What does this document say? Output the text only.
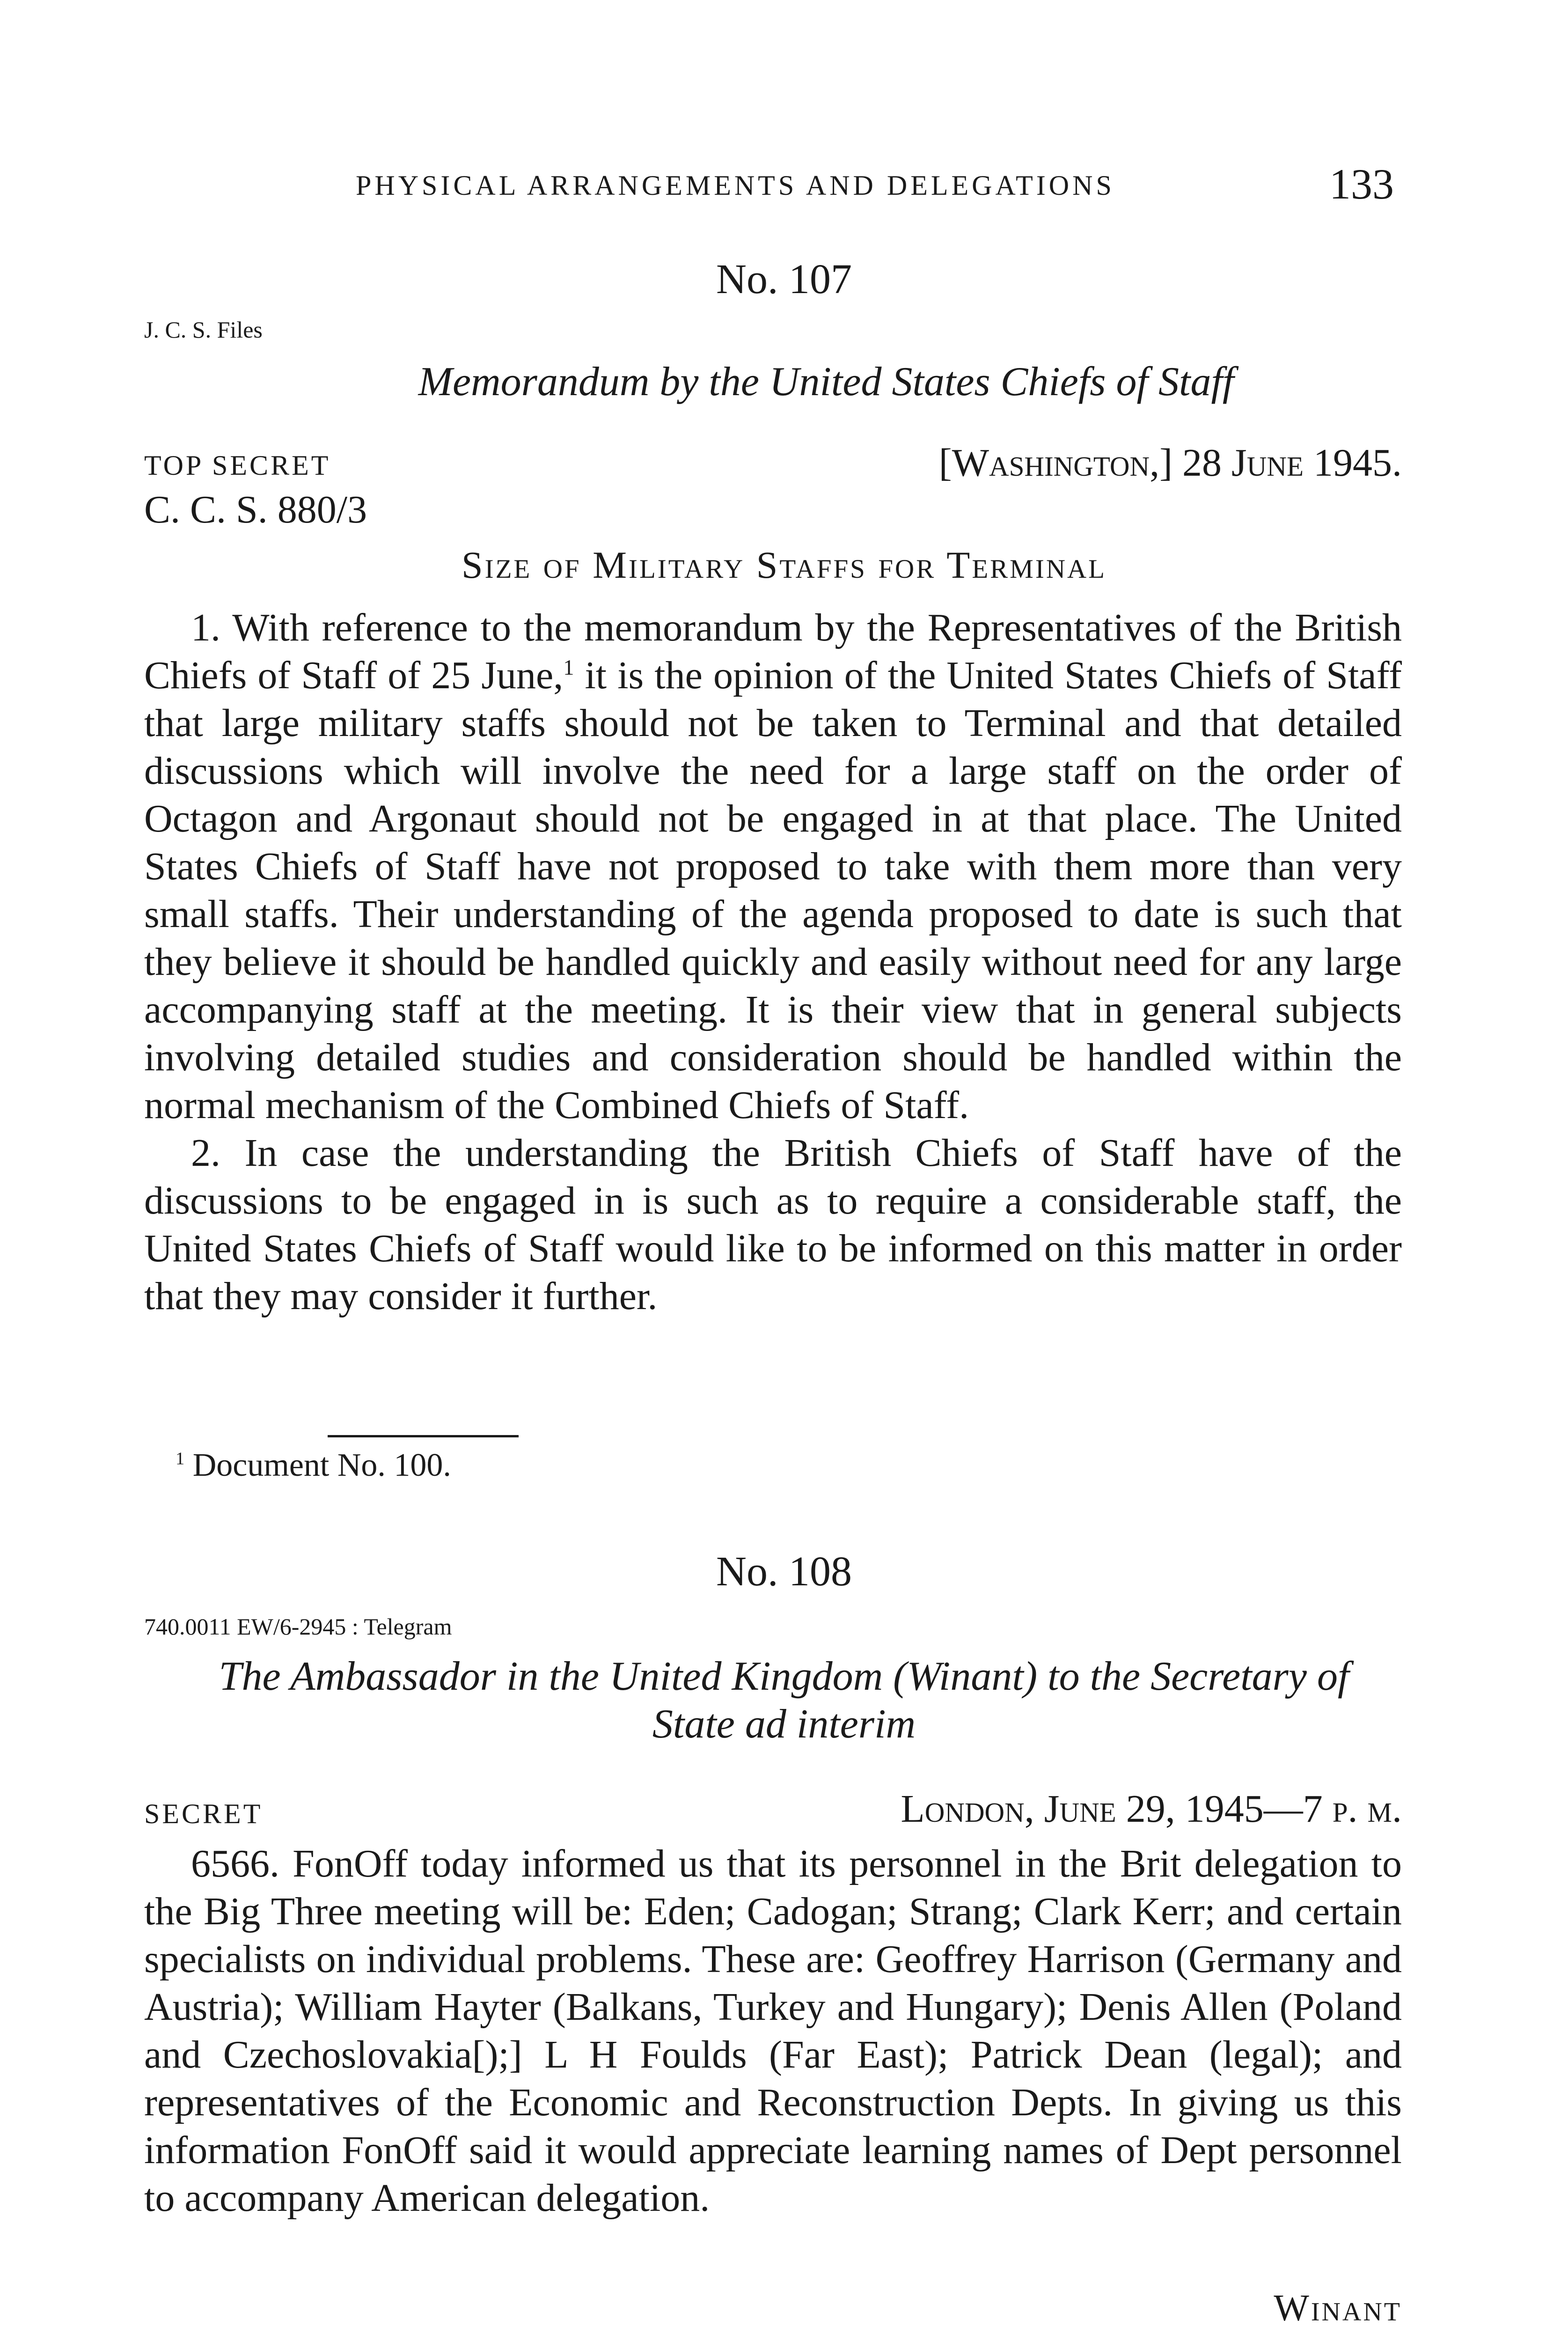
PHYSICAL ARRANGEMENTS AND DELEGATIONS	133
No. 107
J. C. S. Files
Memorandum by the United States Chiefs of Staff
TOP SECRET	[Washington,] 28 June 1945.
C. C. S. 880/3
Size of Military Staffs for Terminal

1. With reference to the memorandum by the Representatives of the British Chiefs of Staff of 25 June,$^1$ it is the opinion of the United States Chiefs of Staff that large military staffs should not be taken to Terminal and that detailed discussions which will involve the need for a large staff on the order of Octagon and Argonaut should not be engaged in at that place. The United States Chiefs of Staff have not proposed to take with them more than very small staffs. Their understanding of the agenda proposed to date is such that they believe it should be handled quickly and easily without need for any large accompanying staff at the meeting. It is their view that in general subjects involving detailed studies and consideration should be handled within the normal mechanism of the Combined Chiefs of Staff.

2. In case the understanding the British Chiefs of Staff have of the discussions to be engaged in is such as to require a considerable staff, the United States Chiefs of Staff would like to be informed on this matter in order that they may consider it further.

$^1$ Document No. 100.
No. 108
740.0011 EW/6-2945 : Telegram
The Ambassador in the United Kingdom (Winant) to the Secretary of
State ad interim
SECRET	London, June 29, 1945—7 p. m.

6566. FonOff today informed us that its personnel in the Brit delegation to the Big Three meeting will be: Eden; Cadogan; Strang; Clark Kerr; and certain specialists on individual problems. These are: Geoffrey Harrison (Germany and Austria); William Hayter (Balkans, Turkey and Hungary); Denis Allen (Poland and Czechoslovakia[);] L H Foulds (Far East); Patrick Dean (legal); and representatives of the Economic and Reconstruction Depts. In giving us this information FonOff said it would appreciate learning names of Dept personnel to accompany American delegation.

Winant
